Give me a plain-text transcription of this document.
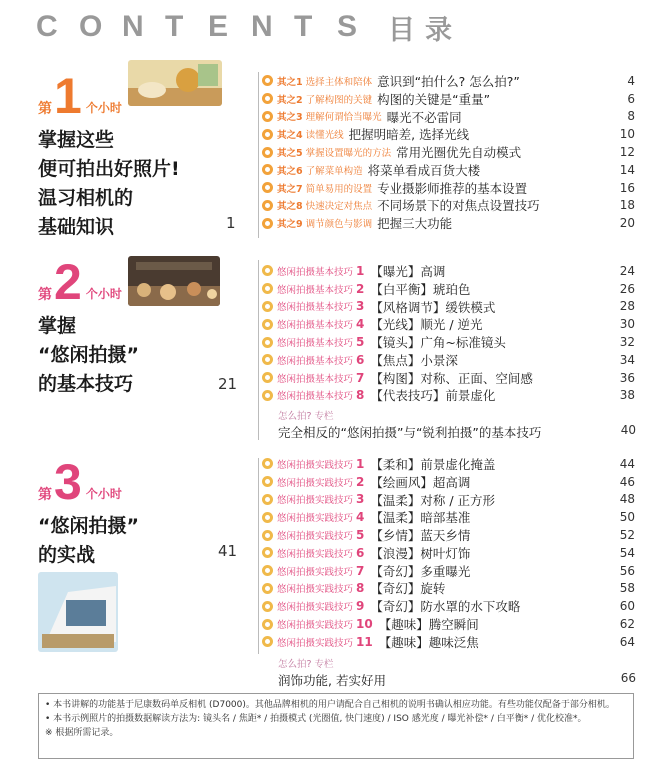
C O N T E N T S	目录
第 1 个小时
掌握这些
便可拍出好照片!
温习相机的
基础知识	1
其之1 选择主体和陪体 意识到“拍什么? 怎么拍?”	4
其之2 了解构图的关键 构图的关键是“重量”	6
其之3 理解何谓恰当曝光 曝光不必雷同	8
其之4 读懂光线 把握明暗差, 选择光线	10
其之5 掌握设置曝光的方法 常用光圈优先自动模式	12
其之6 了解菜单构造 将菜单看成百货大楼	14
其之7 简单易用的设置 专业摄影师推荐的基本设置	16
其之8 快速决定对焦点 不同场景下的对焦点设置技巧	18
其之9 调节颜色与影调 把握三大功能	20
第 2 个小时
掌握
“悠闲拍摄”
的基本技巧	21
悠闲拍摄基本技巧 1 【曝光】高调	24
悠闲拍摄基本技巧 2 【白平衡】琥珀色	26
悠闲拍摄基本技巧 3 【风格调节】缓铁模式	28
悠闲拍摄基本技巧 4 【光线】顺光 / 逆光	30
悠闲拍摄基本技巧 5 【镜头】广角~标准镜头	32
悠闲拍摄基本技巧 6 【焦点】小景深	34
悠闲拍摄基本技巧 7 【构图】对称、正面、空间感	36
悠闲拍摄基本技巧 8 【代表技巧】前景虚化	38
怎么拍? 专栏
完全相反的“悠闲拍摄”与“锐利拍摄”的基本技巧	40
第 3 个小时
“悠闲拍摄”
的实战	41
悠闲拍摄实践技巧 1 【柔和】前景虚化掩盖	44
悠闲拍摄实践技巧 2 【绘画风】超高调	46
悠闲拍摄实践技巧 3 【温柔】对称 / 正方形	48
悠闲拍摄实践技巧 4 【温柔】暗部基准	50
悠闲拍摄实践技巧 5 【乡情】蓝天乡情	52
悠闲拍摄实践技巧 6 【浪漫】树叶灯饰	54
悠闲拍摄实践技巧 7 【奇幻】多重曝光	56
悠闲拍摄实践技巧 8 【奇幻】旋转	58
悠闲拍摄实践技巧 9 【奇幻】防水罩的水下攻略	60
悠闲拍摄实践技巧 10 【趣味】腾空瞬间	62
悠闲拍摄实践技巧 11 【趣味】趣味泛焦	64
怎么拍? 专栏
润饰功能, 若实好用	66
• 本书讲解的功能基于尼康数码单反相机 (D7000)。其他品牌相机的用户请配合自己相机的说明书确认相应功能。有些功能仅配备于部分相机。
• 本书示例照片的拍摄数据解读方法为: 镜头名 / 焦距* / 拍摄模式 (光圈值, 快门速度) / ISO 感光度 / 曝光补偿* / 白平衡* / 优化校准*。
※ 根据所需记录。
